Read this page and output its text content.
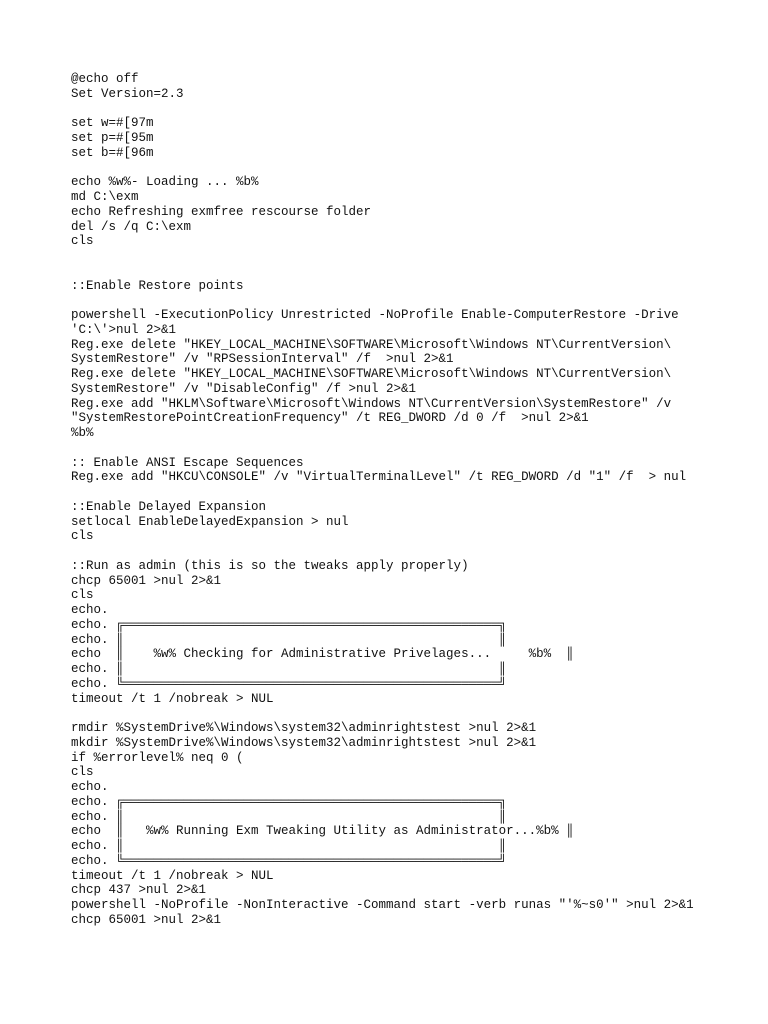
@echo off
Set Version=2.3
set w=#[97m
set p=#[95m
set b=#[96m
echo %w%- Loading ... %b%
md C:\exm
echo Refreshing exmfree rescourse folder
del /s /q C:\exm
cls
::Enable Restore points
powershell -ExecutionPolicy Unrestricted -NoProfile Enable-ComputerRestore -Drive
'C:\'>nul 2>&1
Reg.exe delete "HKEY_LOCAL_MACHINE\SOFTWARE\Microsoft\Windows NT\CurrentVersion\
SystemRestore" /v "RPSessionInterval" /f  >nul 2>&1
Reg.exe delete "HKEY_LOCAL_MACHINE\SOFTWARE\Microsoft\Windows NT\CurrentVersion\
SystemRestore" /v "DisableConfig" /f >nul 2>&1
Reg.exe add "HKLM\Software\Microsoft\Windows NT\CurrentVersion\SystemRestore" /v
"SystemRestorePointCreationFrequency" /t REG_DWORD /d 0 /f  >nul 2>&1
%b%
:: Enable ANSI Escape Sequences
Reg.exe add "HKCU\CONSOLE" /v "VirtualTerminalLevel" /t REG_DWORD /d "1" /f  > nul
::Enable Delayed Expansion
setlocal EnableDelayedExpansion > nul
cls
::Run as admin (this is so the tweaks apply properly)
chcp 65001 >nul 2>&1
cls
echo.
echo. ╔══════════════════════════════════════════════════╗
echo. ║                                                  ║
echo  ║    %w% Checking for Administrative Privelages...     %b%  ║
echo. ║                                                  ║
echo. ╚══════════════════════════════════════════════════╝
timeout /t 1 /nobreak > NUL
rmdir %SystemDrive%\Windows\system32\adminrightstest >nul 2>&1
mkdir %SystemDrive%\Windows\system32\adminrightstest >nul 2>&1
if %errorlevel% neq 0 (
cls
echo.
echo. ╔══════════════════════════════════════════════════╗
echo. ║                                                  ║
echo  ║   %w% Running Exm Tweaking Utility as Administrator...%b% ║
echo. ║                                                  ║
echo. ╚══════════════════════════════════════════════════╝
timeout /t 1 /nobreak > NUL
chcp 437 >nul 2>&1
powershell -NoProfile -NonInteractive -Command start -verb runas "'%~s0'" >nul 2>&1
chcp 65001 >nul 2>&1
